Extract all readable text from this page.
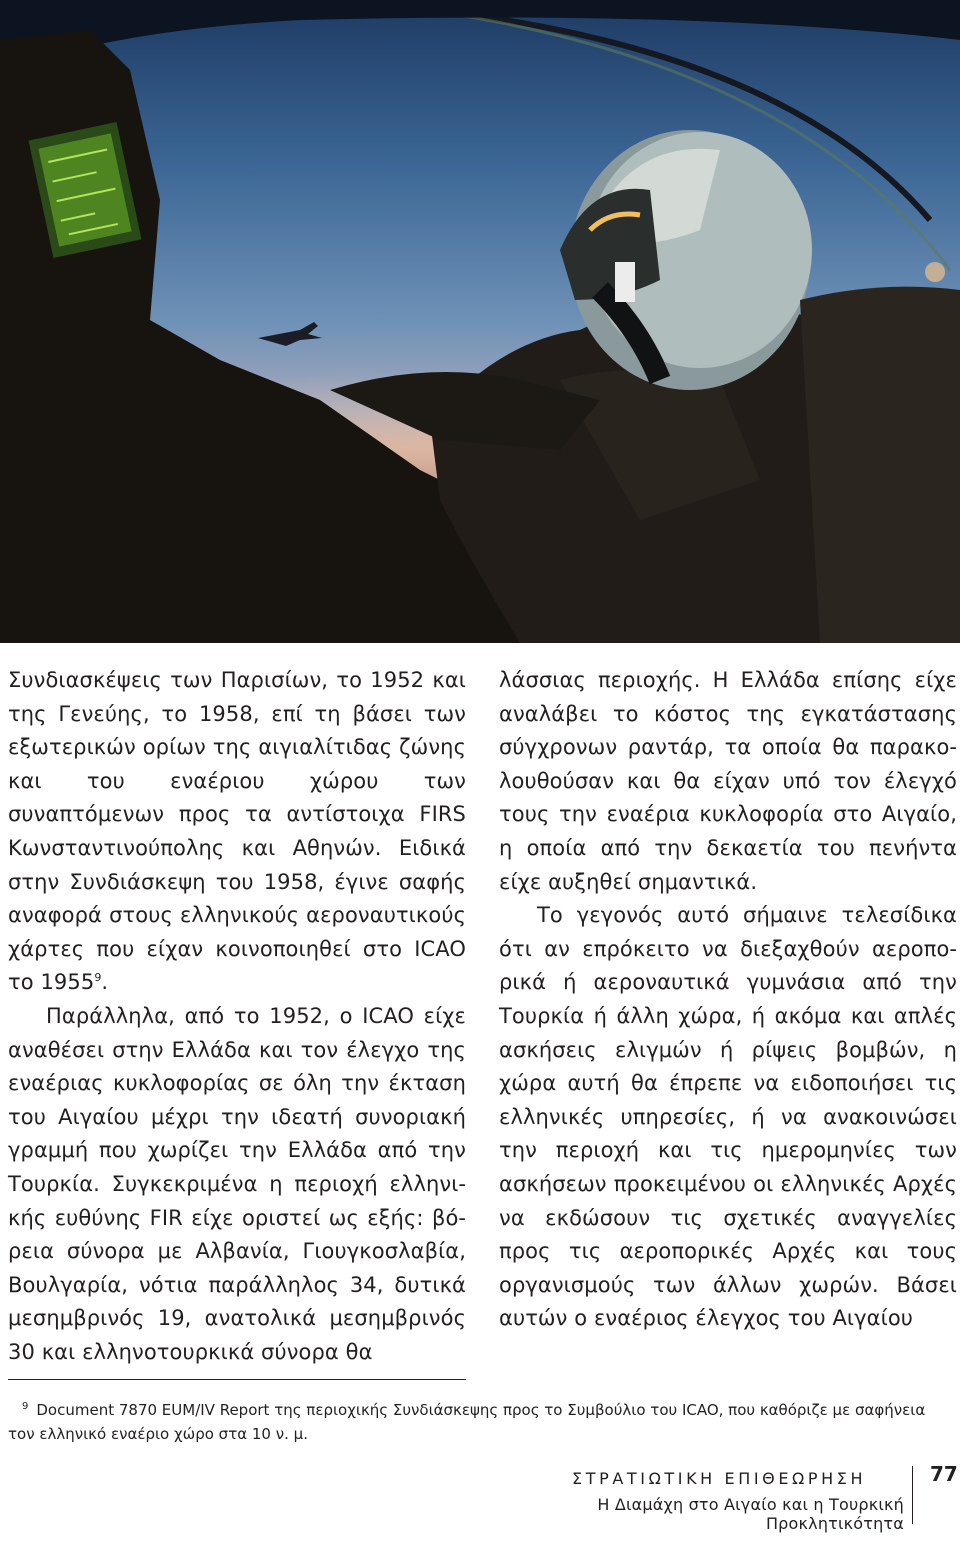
Συνδιασκέψεις των Παρισίων, το 1952 και της Γενεύης, το 1958, επί τη βάσει των εξωτερικών ορίων της αιγιαλίτιδας ζώνης και του εναέριου χώρου των συναπτόμενων προς τα αντίστοιχα FIRS Κωνσταντινούπολης και Αθηνών. Ειδικά στην Συνδιάσκεψη του 1958, έγινε σαφής αναφορά στους ελληνικούς αεροναυτικούς χάρτες που είχαν κοινοποιηθεί στο ICAO το 1955$^9$.

Παράλληλα, από το 1952, ο ICAO είχε αναθέσει στην Ελλάδα και τον έλεγχο της εναέριας κυκλοφορίας σε όλη την έκταση του Αιγαίου μέχρι την ιδεατή συνοριακή γραμμή που χωρίζει την Ελλάδα από την Τουρκία. Συγκεκριμένα η περιοχή ελληνικής ευθύνης FIR είχε οριστεί ως εξής: βόρεια σύνορα με Αλβανία, Γιουγκοσλαβία, Βουλγαρία, νότια παράλληλος 34, δυτικά μεσημβρινός 19, ανατολικά μεσημβρινός 30 και ελληνοτουρκικά σύνορα θα

λάσσιας περιοχής. Η Ελλάδα επίσης είχε αναλάβει το κόστος της εγκατάστασης σύγχρονων ραντάρ, τα οποία θα παρακολουθούσαν και θα είχαν υπό τον έλεγχό τους την εναέρια κυκλοφορία στο Αιγαίο, η οποία από την δεκαετία του πενήντα είχε αυξηθεί σημαντικά.

Το γεγονός αυτό σήμαινε τελεσίδικα ότι αν επρόκειτο να διεξαχθούν αεροπορικά ή αεροναυτικά γυμνάσια από την Τουρκία ή άλλη χώρα, ή ακόμα και απλές ασκήσεις ελιγμών ή ρίψεις βομβών, η χώρα αυτή θα έπρεπε να ειδοποιήσει τις ελληνικές υπηρεσίες, ή να ανακοινώσει την περιοχή και τις ημερομηνίες των ασκήσεων προκειμένου οι ελληνικές Αρχές να εκδώσουν τις σχετικές αναγγελίες προς τις αεροπορικές Αρχές και τους οργανισμούς των άλλων χωρών. Βάσει αυτών ο εναέριος έλεγχος του Αιγαίου

$^9$ Document 7870 EUM/IV Report της περιοχικής Συνδιάσκεψης προς το Συμβούλιο του ICAO, που καθόριζε με σαφήνεια τον ελληνικό εναέριο χώρο στα 10 ν. μ.
ΣΤΡΑΤΙΩΤΙΚΗ ΕΠΙΘΕΩΡΗΣΗ	77
Η Διαμάχη στο Αιγαίο και η Τουρκική Προκλητικότητα
